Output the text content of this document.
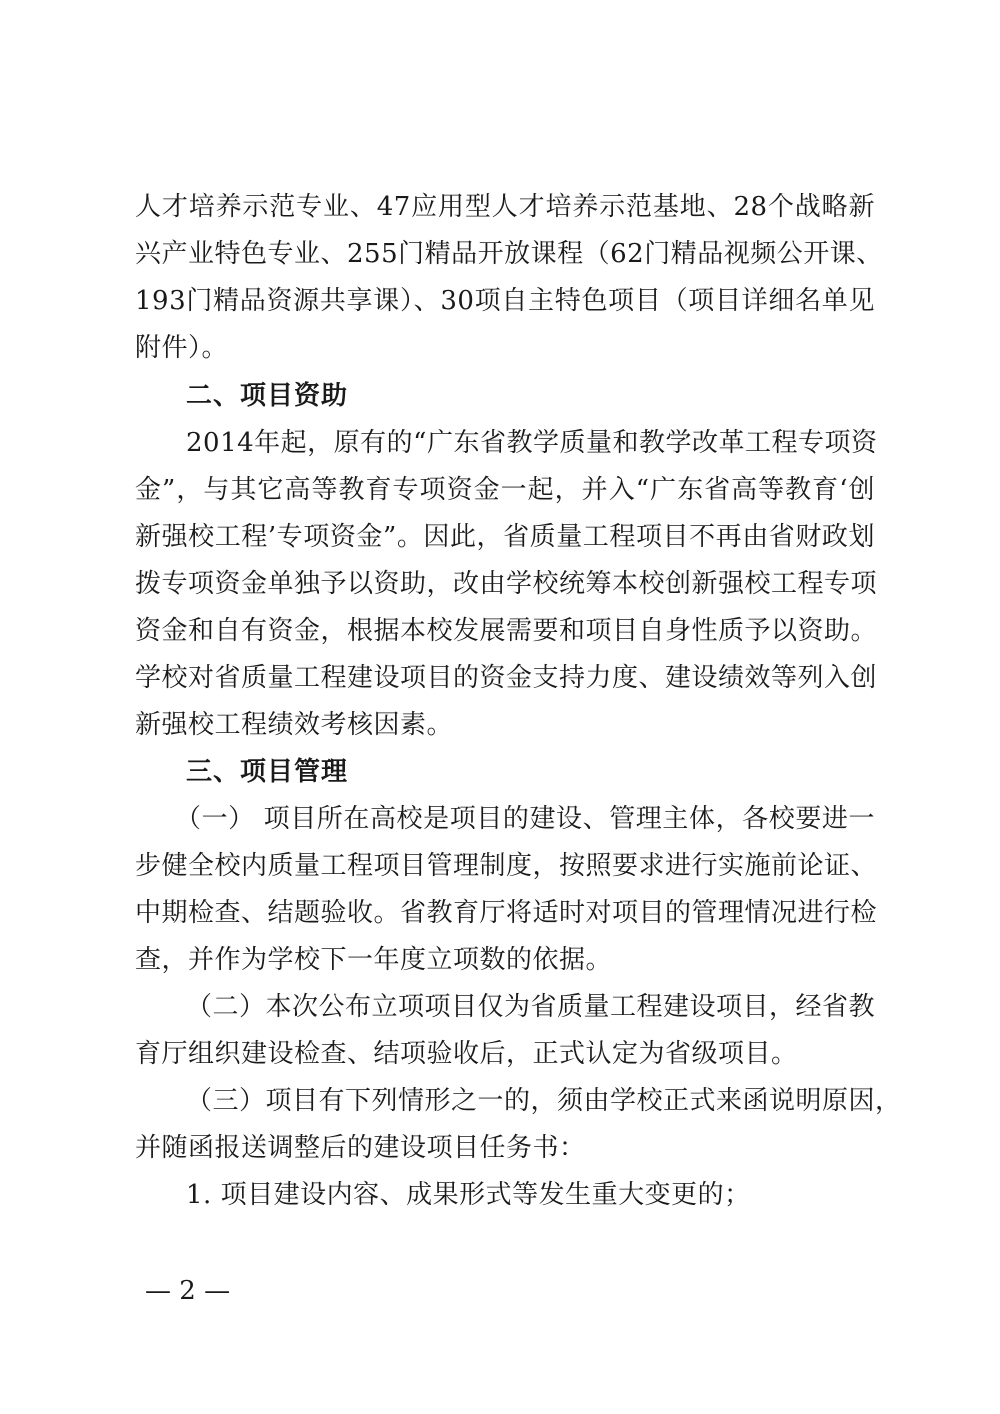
人才培养示范专业、47应用型人才培养示范基地、28个战略新
兴产业特色专业、255门精品开放课程（62门精品视频公开课、
193门精品资源共享课）、30项自主特色项目（项目详细名单见
附件）。
二、项目资助
2014年起，原有的“广东省教学质量和教学改革工程专项资
金”，与其它高等教育专项资金一起，并入“广东省高等教育‘创
新强校工程’专项资金”。因此，省质量工程项目不再由省财政划
拨专项资金单独予以资助，改由学校统筹本校创新强校工程专项
资金和自有资金，根据本校发展需要和项目自身性质予以资助。
学校对省质量工程建设项目的资金支持力度、建设绩效等列入创
新强校工程绩效考核因素。
三、项目管理
（一） 项目所在高校是项目的建设、管理主体，各校要进一
步健全校内质量工程项目管理制度，按照要求进行实施前论证、
中期检查、结题验收。省教育厅将适时对项目的管理情况进行检
查，并作为学校下一年度立项数的依据。
（二）本次公布立项项目仅为省质量工程建设项目，经省教
育厅组织建设检查、结项验收后，正式认定为省级项目。
（三）项目有下列情形之一的，须由学校正式来函说明原因，
并随函报送调整后的建设项目任务书：
1. 项目建设内容、成果形式等发生重大变更的；
— 2 —
